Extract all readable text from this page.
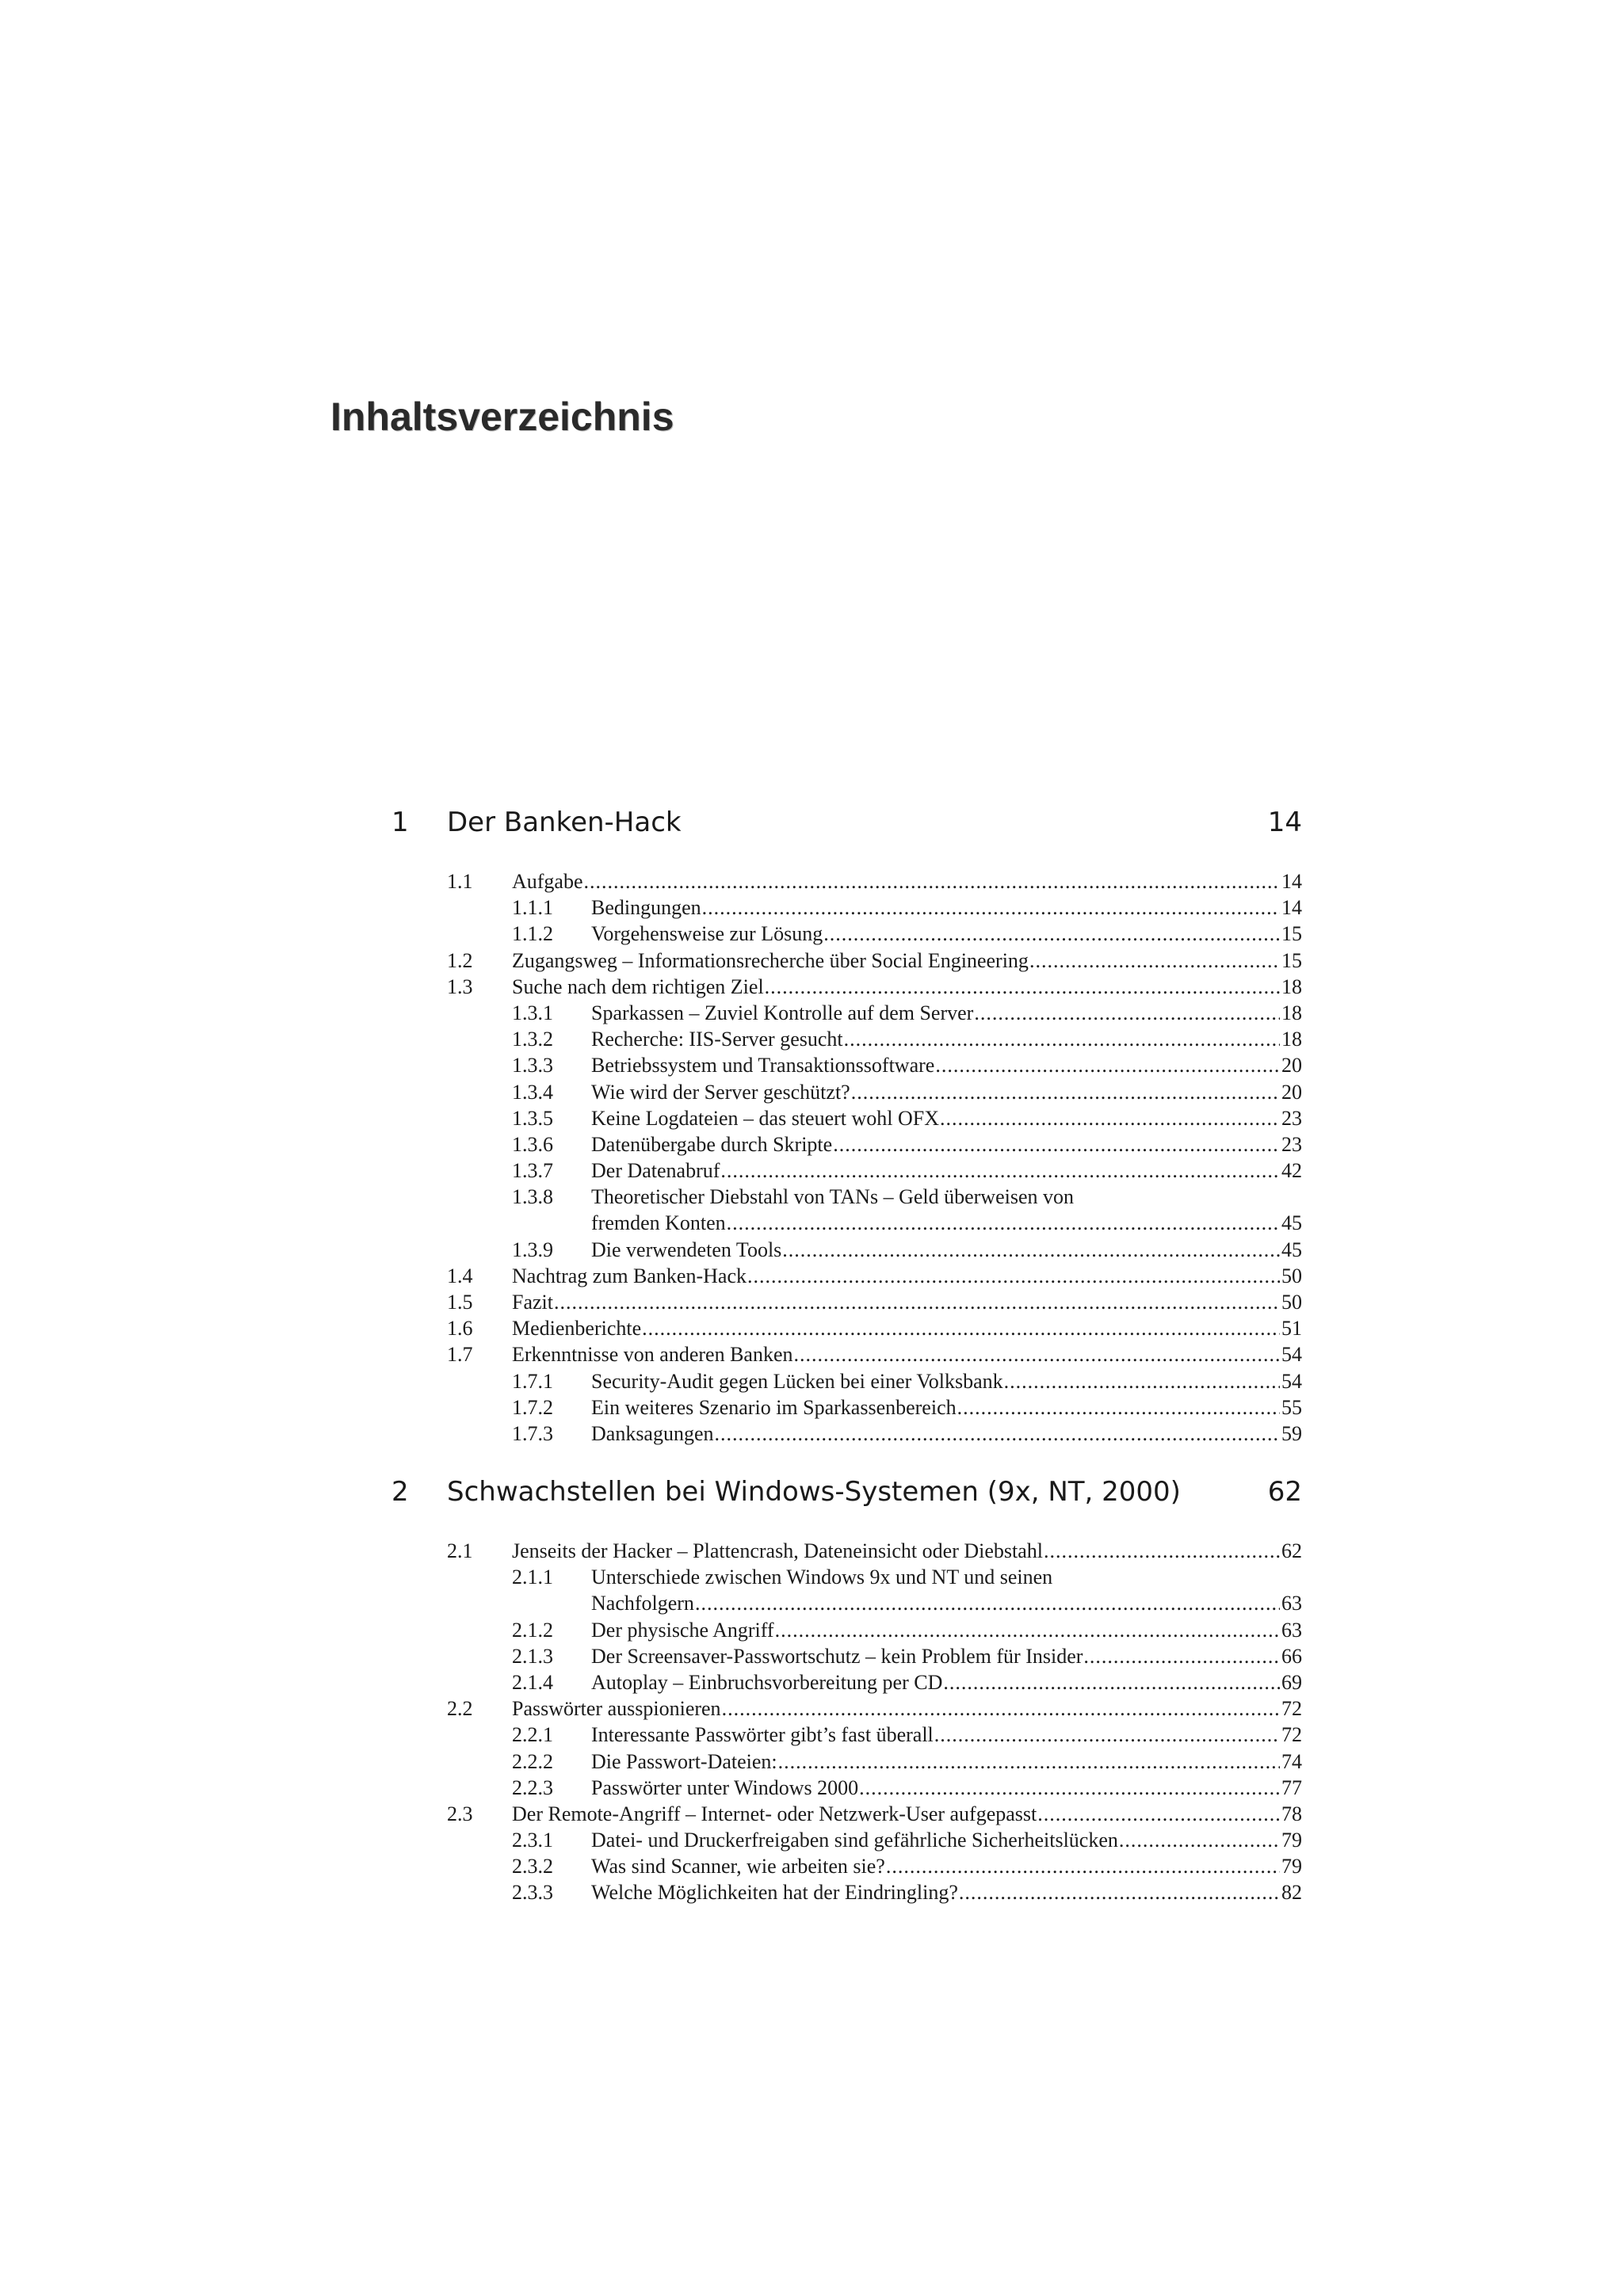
Inhaltsverzeichnis
1 Der Banken-Hack	14
1.1	Aufgabe .....	14
1.1.1	Bedingungen .....	14
1.1.2	Vorgehensweise zur Lösung .....	15
1.2	Zugangsweg – Informationsrecherche über Social Engineering .....	15
1.3	Suche nach dem richtigen Ziel .....	18
1.3.1	Sparkassen – Zuviel Kontrolle auf dem Server .....	18
1.3.2	Recherche: IIS-Server gesucht .....	18
1.3.3	Betriebssystem und Transaktionssoftware .....	20
1.3.4	Wie wird der Server geschützt? .....	20
1.3.5	Keine Logdateien – das steuert wohl OFX .....	23
1.3.6	Datenübergabe durch Skripte .....	23
1.3.7	Der Datenabruf .....	42
1.3.8	Theoretischer Diebstahl von TANs – Geld überweisen von
fremden Konten .....	45
1.3.9	Die verwendeten Tools .....	45
1.4	Nachtrag zum Banken-Hack .....	50
1.5	Fazit .....	50
1.6	Medienberichte .....	51
1.7	Erkenntnisse von anderen Banken .....	54
1.7.1	Security-Audit gegen Lücken bei einer Volksbank .....	54
1.7.2	Ein weiteres Szenario im Sparkassenbereich .....	55
1.7.3	Danksagungen .....	59
2 Schwachstellen bei Windows-Systemen (9x, NT, 2000)	62
2.1	Jenseits der Hacker – Plattencrash, Dateneinsicht oder Diebstahl .....	62
2.1.1	Unterschiede zwischen Windows 9x und NT und seinen
Nachfolgern .....	63
2.1.2	Der physische Angriff .....	63
2.1.3	Der Screensaver-Passwortschutz – kein Problem für Insider .....	66
2.1.4	Autoplay – Einbruchsvorbereitung per CD .....	69
2.2	Passwörter ausspionieren .....	72
2.2.1	Interessante Passwörter gibt’s fast überall .....	72
2.2.2	Die Passwort-Dateien: .....	74
2.2.3	Passwörter unter Windows 2000 .....	77
2.3	Der Remote-Angriff – Internet- oder Netzwerk-User aufgepasst .....	78
2.3.1	Datei- und Druckerfreigaben sind gefährliche Sicherheitslücken .....	79
2.3.2	Was sind Scanner, wie arbeiten sie? .....	79
2.3.3	Welche Möglichkeiten hat der Eindringling? .....	82
